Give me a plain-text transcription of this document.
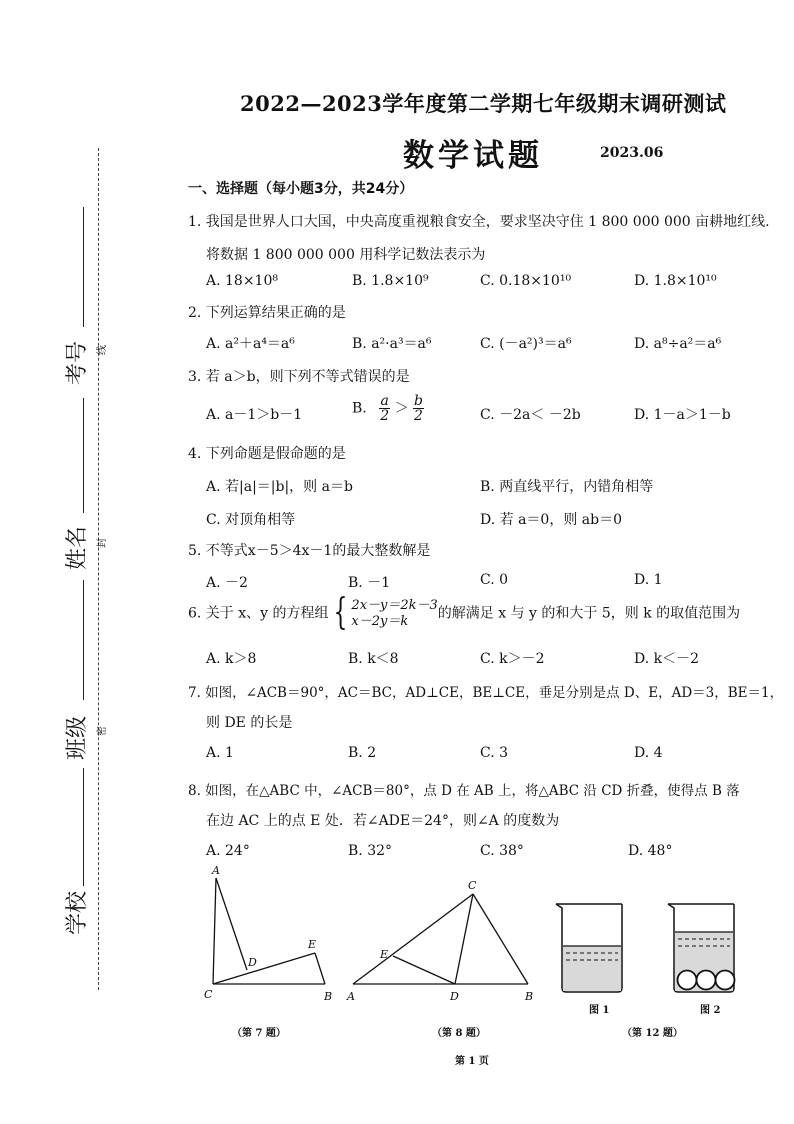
考号
姓名
班级
学校
线
封
密
2022—2023学年度第二学期七年级期末调研测试
数学试题	2023.06
一、选择题（每小题3分，共24分）
1. 我国是世界人口大国，中央高度重视粮食安全，要求坚决守住 1 800 000 000 亩耕地红线.
将数据 1 800 000 000 用科学记数法表示为
A. 18×10⁸	B. 1.8×10⁹	C. 0.18×10¹⁰	D. 1.8×10¹⁰
2. 下列运算结果正确的是
A. a²＋a⁴＝a⁶	B. a²·a³＝a⁶	C. (－a²)³＝a⁶	D. a⁸÷a²＝a⁶
3. 若 a＞b，则下列不等式错误的是
A. a－1＞b－1	B. $\frac{a}{2} > \frac{b}{2}$	C. －2a＜ －2b	D. 1－a＞1－b
4. 下列命题是假命题的是
A. 若|a|＝|b|，则 a＝b	B. 两直线平行，内错角相等
C. 对顶角相等	D. 若 a＝0，则 ab＝0
5. 不等式x－5＞4x－1的最大整数解是
A. －2	B. －1	C. 0	D. 1
6. 关于 x、y 的方程组 { 2x－y＝2k－3
x－2y＝k	的解满足 x 与 y 的和大于 5，则 k 的取值范围为
A. k＞8	B. k＜8	C. k＞－2	D. k＜－2
7. 如图，∠ACB＝90°，AC＝BC，AD⊥CE，BE⊥CE，垂足分别是点 D、E，AD＝3，BE＝1，
则 DE 的长是
A. 1	B. 2	C. 3	D. 4
8. 如图，在△ABC 中，∠ACB＝80°，点 D 在 AB 上，将△ABC 沿 CD 折叠，使得点 B 落
在边 AC 上的点 E 处．若∠ADE＝24°，则∠A 的度数为
A. 24°	B. 32°	C. 38°	D. 48°
A
D
E
C	B
（第 7 题）
C
E
A	D	B
（第 8 题）
图 1	图 2
（第 12 题）
第 1 页
